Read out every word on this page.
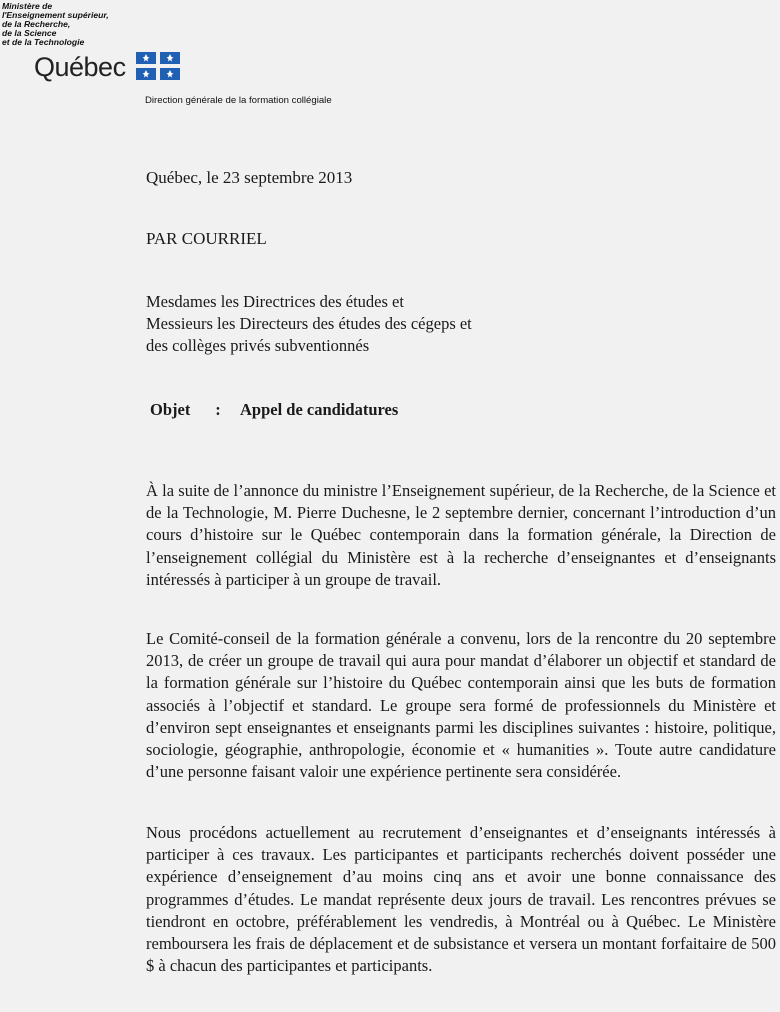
Ministère de
l'Enseignement supérieur,
de la Recherche,
de la Science
et de la Technologie
Québec
Direction générale de la formation collégiale
Québec, le 23 septembre 2013
PAR COURRIEL
Mesdames les Directrices des études et
Messieurs les Directeurs des études des cégeps et
des collèges privés subventionnés
Objet : Appel de candidatures
À la suite de l’annonce du ministre l’Enseignement supérieur, de la Recherche, de la Science et de la Technologie, M. Pierre Duchesne, le 2 septembre dernier, concernant l’introduction d’un cours d’histoire sur le Québec contemporain dans la formation générale, la Direction de l’enseignement collégial du Ministère est à la recherche d’enseignantes et d’enseignants intéressés à participer à un groupe de travail.
Le Comité-conseil de la formation générale a convenu, lors de la rencontre du 20 septembre 2013, de créer un groupe de travail qui aura pour mandat d’élaborer un objectif et standard de la formation générale sur l’histoire du Québec contemporain ainsi que les buts de formation associés à l’objectif et standard. Le groupe sera formé de professionnels du Ministère et d’environ sept enseignantes et enseignants parmi les disciplines suivantes : histoire, politique, sociologie, géographie, anthropologie, économie et « humanities ». Toute autre candidature d’une personne faisant valoir une expérience pertinente sera considérée.
Nous procédons actuellement au recrutement d’enseignantes et d’enseignants intéressés à participer à ces travaux. Les participantes et participants recherchés doivent posséder une expérience d’enseignement d’au moins cinq ans et avoir une bonne connaissance des programmes d’études. Le mandat représente deux jours de travail. Les rencontres prévues se tiendront en octobre, préférablement les vendredis, à Montréal ou à Québec. Le Ministère remboursera les frais de déplacement et de subsistance et versera un montant forfaitaire de 500 $ à chacun des participantes et participants.
